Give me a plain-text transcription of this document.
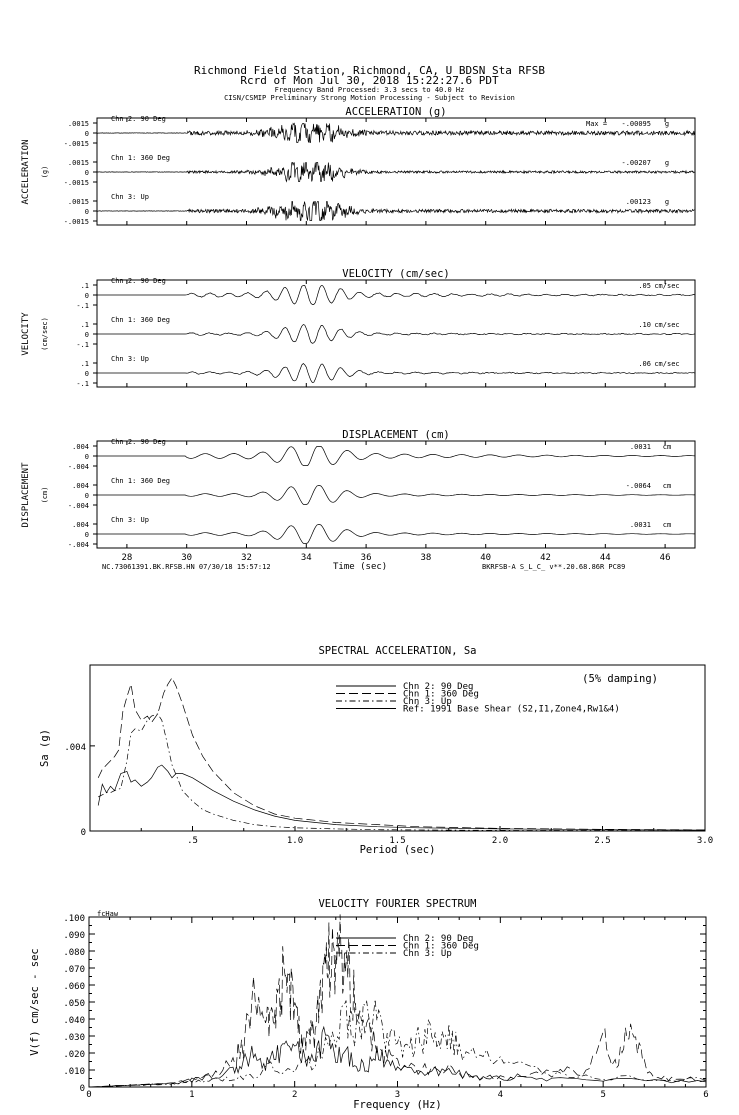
Richmond Field Station, Richmond, CA, U BDSN Sta RFSB
Rcrd of Mon Jul 30, 2018 15:22:27.6 PDT
Frequency Band Processed: 3.3 secs to 40.0 Hz
CISN/CSMIP Preliminary Strong Motion Processing - Subject to Revision
ACCELERATION (g)
ACCELERATION (g)
0
.0015
-.0015
Chn 2: 90 Deg
Max = -.00095 g
0
.0015
-.0015
Chn 1: 360 Deg
-.00207 g
0
.0015
-.0015
Chn 3: Up
.00123 g
VELOCITY (cm/sec)
VELOCITY (cm/sec)
0
.1
-.1
Chn 2: 90 Deg
.05 cm/sec
0
.1
-.1
Chn 1: 360 Deg
.10 cm/sec
0
.1
-.1
Chn 3: Up
.06 cm/sec
DISPLACEMENT (cm)
DISPLACEMENT (cm)
0
.004
-.004
Chn 2: 90 Deg
.0031 cm
0
.004
-.004
Chn 1: 360 Deg
-.0064 cm
0
.004
-.004
Chn 3: Up
.0031 cm
28	30	32	34	36	38	40	42	44	46
Time (sec)
NC.73061391.BK.RFSB.HN 07/30/18 15:57:12	BKRFSB-A S_L_C_ v**.20.68.86R PC89
SPECTRAL ACCELERATION, Sa
.5	1.0	1.5	2.0	2.5	3.0
0
.004
Period (sec)
Sa (g)
(5% damping)
Chn 2: 90 Deg
Chn 1: 360 Deg
Chn 3: Up
Ref: 1991 Base Shear (S2,I1,Zone4,Rw1&4)
VELOCITY FOURIER SPECTRUM
fcHaw
0	1	2	3	4	5	6
0
.010
.020
.030
.040
.050
.060
.070
.080
.090
.100
Frequency (Hz)
V(f) cm/sec - sec
Chn 2: 90 Deg
Chn 1: 360 Deg
Chn 3: Up
